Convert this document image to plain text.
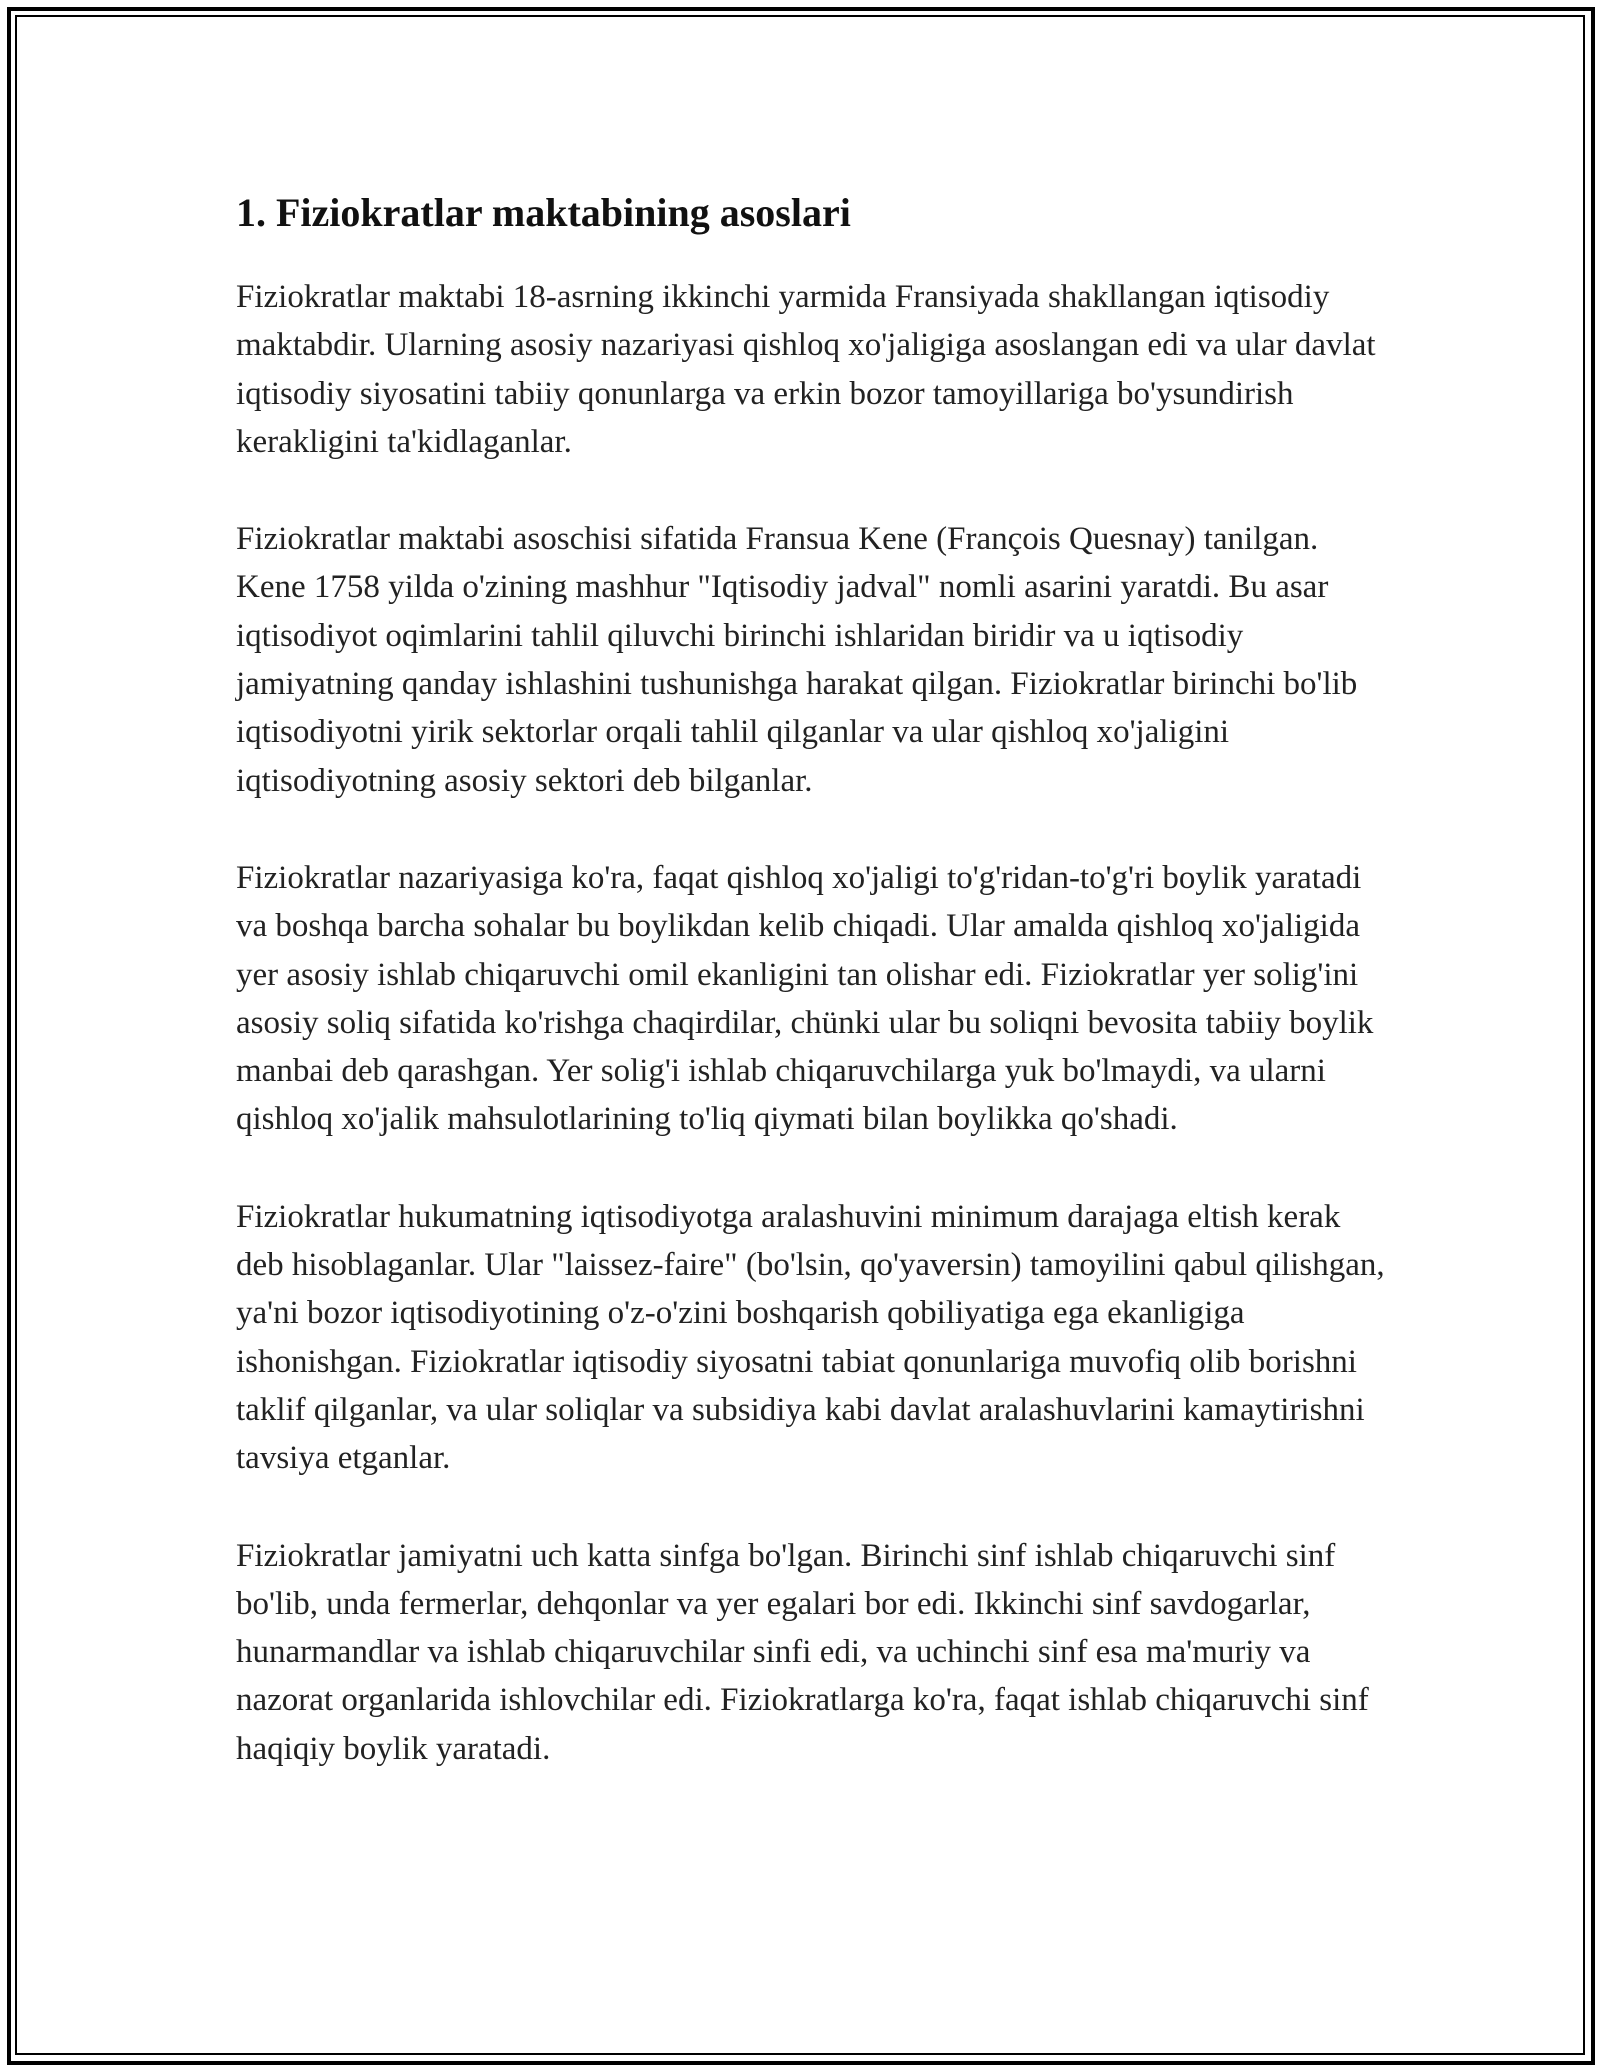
1. Fiziokratlar maktabining asoslari

Fiziokratlar maktabi 18-asrning ikkinchi yarmida Fransiyada shakllangan iqtisodiy maktabdir. Ularning asosiy nazariyasi qishloq xo'jaligiga asoslangan edi va ular davlat iqtisodiy siyosatini tabiiy qonunlarga va erkin bozor tamoyillariga bo'ysundirish kerakligini ta'kidlaganlar.

Fiziokratlar maktabi asoschisi sifatida Fransua Kene (François Quesnay) tanilgan. Kene 1758 yilda o'zining mashhur "Iqtisodiy jadval" nomli asarini yaratdi. Bu asar iqtisodiyot oqimlarini tahlil qiluvchi birinchi ishlaridan biridir va u iqtisodiy jamiyatning qanday ishlashini tushunishga harakat qilgan. Fiziokratlar birinchi bo'lib iqtisodiyotni yirik sektorlar orqali tahlil qilganlar va ular qishloq xo'jaligini iqtisodiyotning asosiy sektori deb bilganlar.

Fiziokratlar nazariyasiga ko'ra, faqat qishloq xo'jaligi to'g'ridan-to'g'ri boylik yaratadi va boshqa barcha sohalar bu boylikdan kelib chiqadi. Ular amalda qishloq xo'jaligida yer asosiy ishlab chiqaruvchi omil ekanligini tan olishar edi. Fiziokratlar yer solig'ini asosiy soliq sifatida ko'rishga chaqirdilar, chünki ular bu soliqni bevosita tabiiy boylik manbai deb qarashgan. Yer solig'i ishlab chiqaruvchilarga yuk bo'lmaydi, va ularni qishloq xo'jalik mahsulotlarining to'liq qiymati bilan boylikka qo'shadi.

Fiziokratlar hukumatning iqtisodiyotga aralashuvini minimum darajaga eltish kerak deb hisoblaganlar. Ular "laissez-faire" (bo'lsin, qo'yaversin) tamoyilini qabul qilishgan, ya'ni bozor iqtisodiyotining o'z-o'zini boshqarish qobiliyatiga ega ekanligiga ishonishgan. Fiziokratlar iqtisodiy siyosatni tabiat qonunlariga muvofiq olib borishni taklif qilganlar, va ular soliqlar va subsidiya kabi davlat aralashuvlarini kamaytirishni tavsiya etganlar.

Fiziokratlar jamiyatni uch katta sinfga bo'lgan. Birinchi sinf ishlab chiqaruvchi sinf bo'lib, unda fermerlar, dehqonlar va yer egalari bor edi. Ikkinchi sinf savdogarlar, hunarmandlar va ishlab chiqaruvchilar sinfi edi, va uchinchi sinf esa ma'muriy va nazorat organlarida ishlovchilar edi. Fiziokratlarga ko'ra, faqat ishlab chiqaruvchi sinf haqiqiy boylik yaratadi.
